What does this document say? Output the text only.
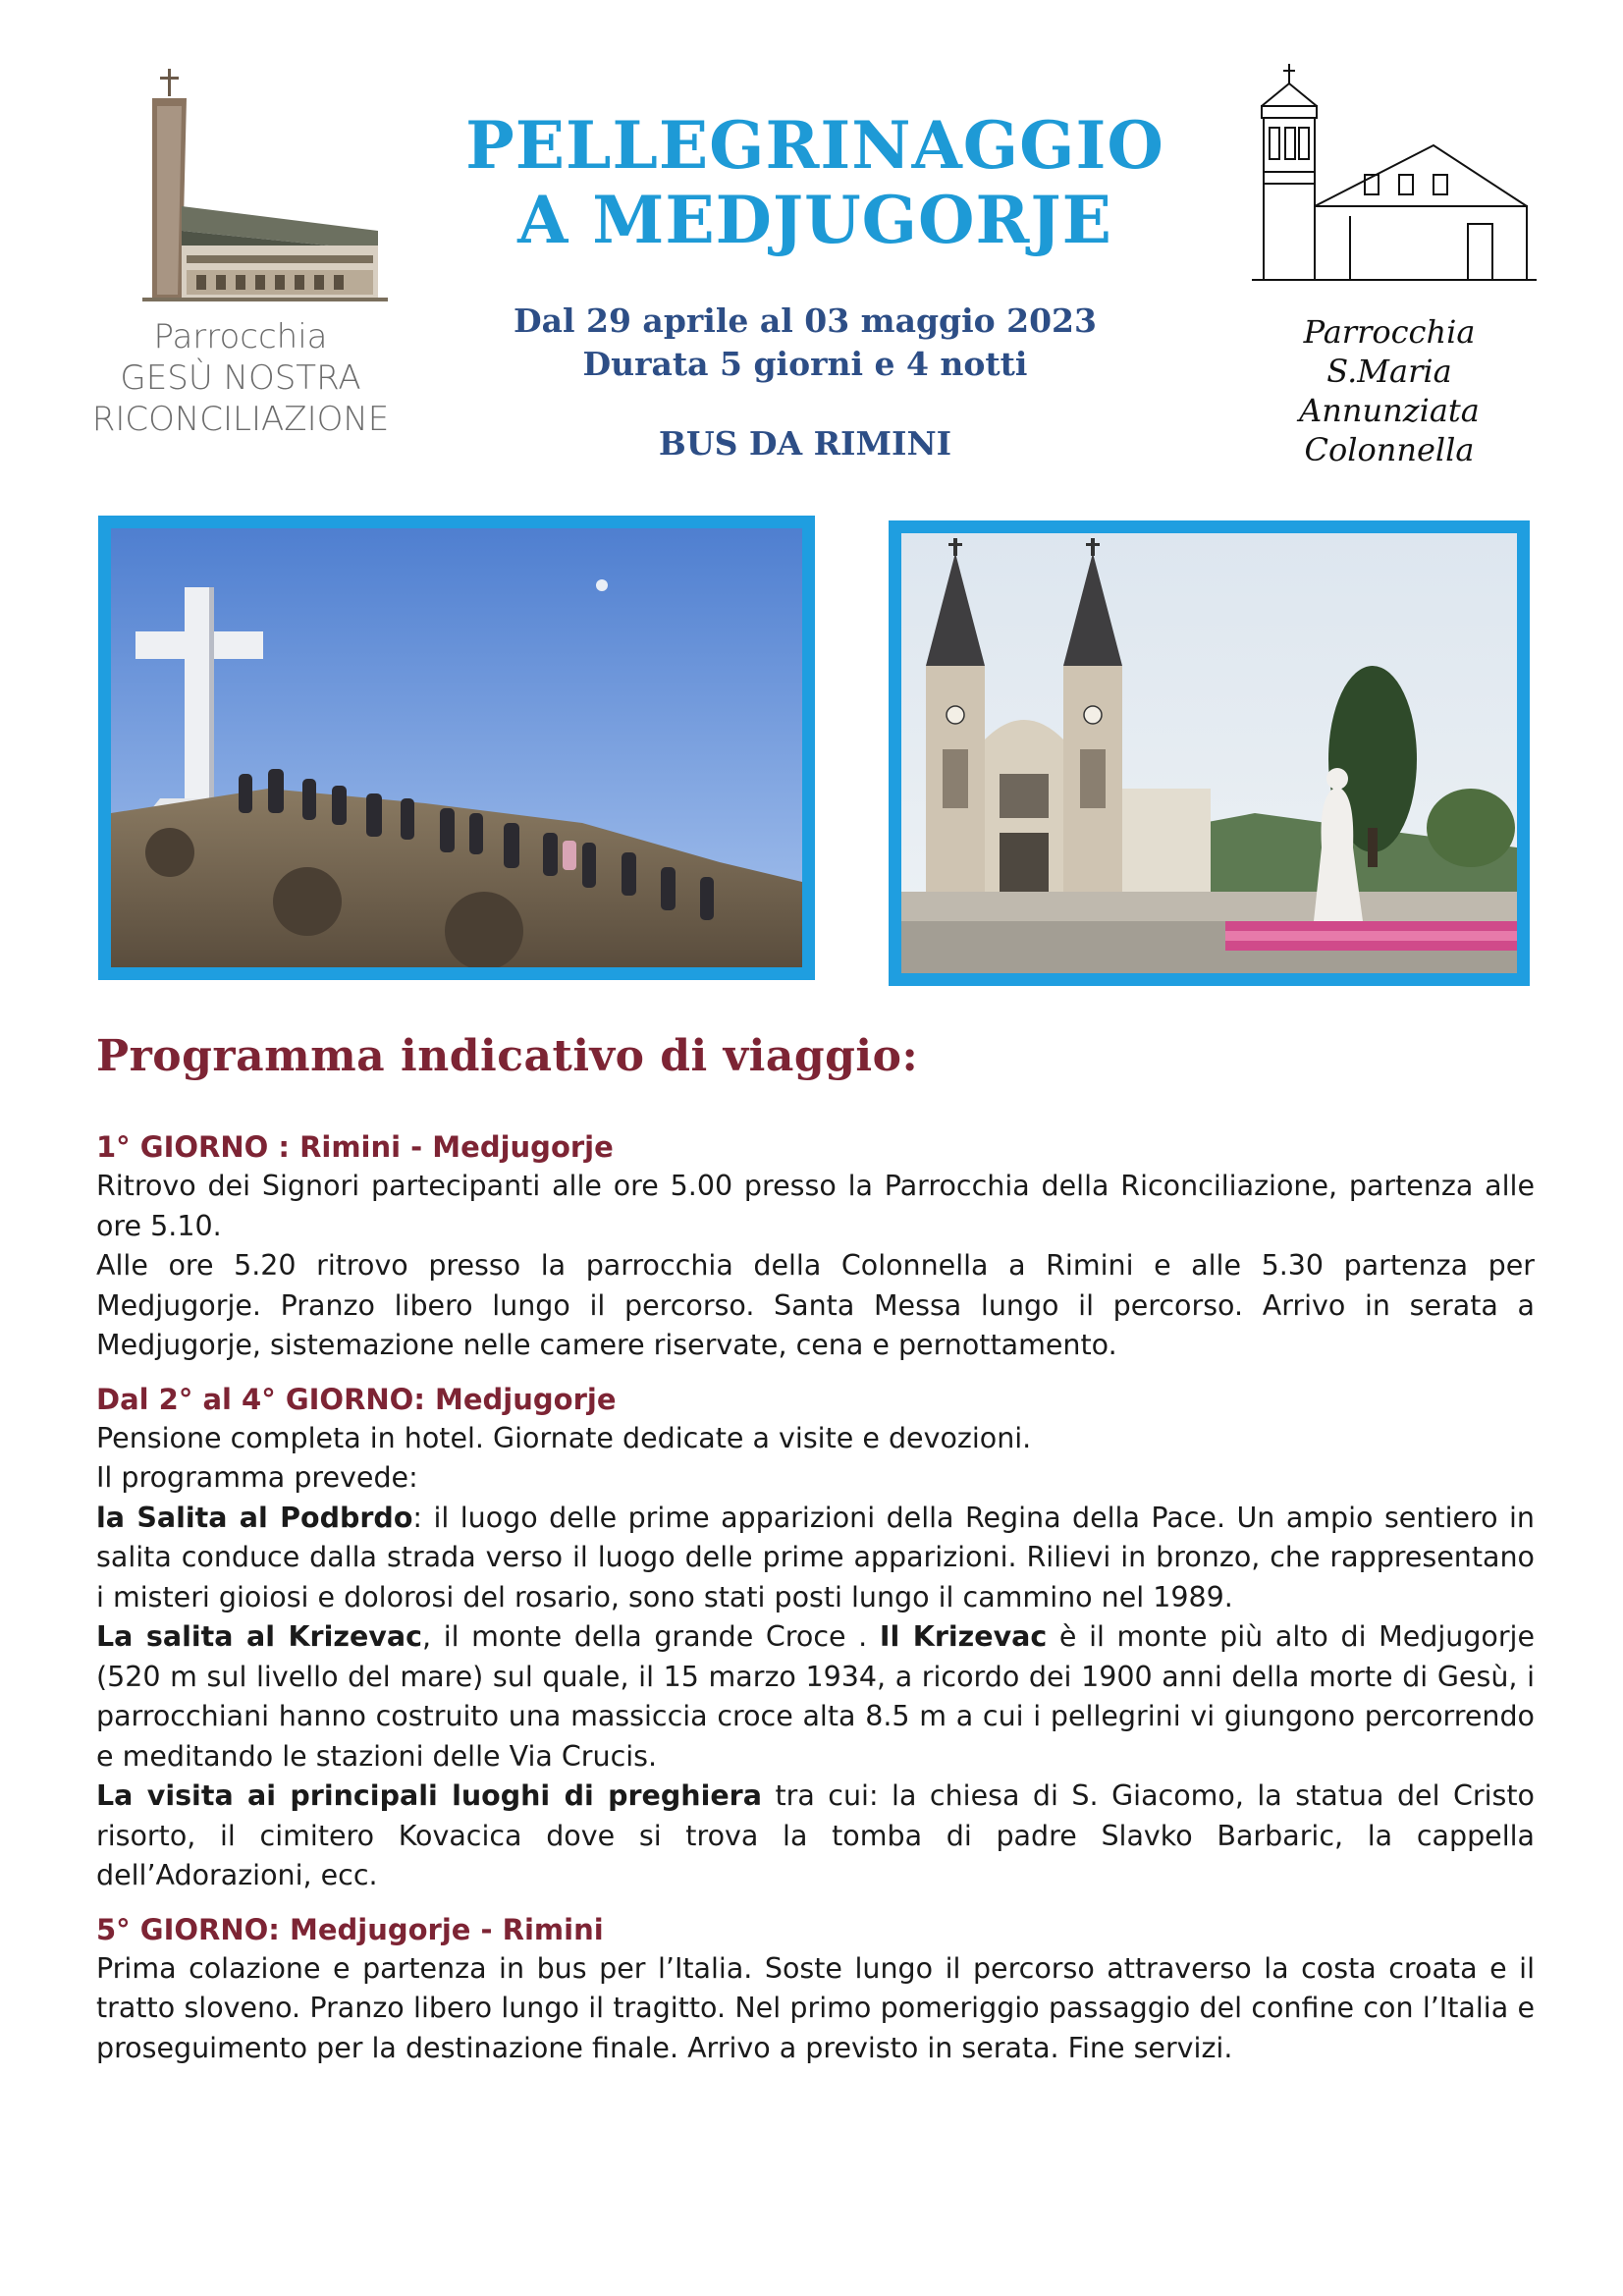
Parrocchia
GESÙ NOSTRA
RICONCILIAZIONE
PELLEGRINAGGIO
A MEDJUGORJE
Dal 29 aprile al 03 maggio 2023
Durata 5 giorni e 4 notti
BUS DA RIMINI
Parrocchia
S.Maria
Annunziata
Colonnella
Programma indicativo di viaggio:
1° GIORNO : Rimini - Medjugorje

Ritrovo dei Signori partecipanti alle ore 5.00 presso la Parrocchia della Riconciliazione, partenza alle ore 5.10.

Alle ore 5.20 ritrovo presso la parrocchia della Colonnella a Rimini e alle 5.30 partenza per Medjugorje. Pranzo libero lungo il percorso. Santa Messa lungo il percorso. Arrivo in serata a Medjugorje, sistemazione nelle camere riservate, cena e pernottamento.

Dal 2° al 4° GIORNO: Medjugorje

Pensione completa in hotel. Giornate dedicate a visite e devozioni.

Il programma prevede:

la Salita al Podbrdo: il luogo delle prime apparizioni della Regina della Pace. Un ampio sentiero in salita conduce dalla strada verso il luogo delle prime apparizioni. Rilievi in bronzo, che rappresentano i misteri gioiosi e dolorosi del rosario, sono stati posti lungo il cammino nel 1989.

La salita al Krizevac, il monte della grande Croce . Il Krizevac è il monte più alto di Medjugorje (520 m sul livello del mare) sul quale, il 15 marzo 1934, a ricordo dei 1900 anni della morte di Gesù, i parrocchiani hanno costruito una massiccia croce alta 8.5 m a cui i pellegrini vi giungono percorrendo e meditando le stazioni delle Via Crucis.

La visita ai principali luoghi di preghiera tra cui: la chiesa di S. Giacomo, la statua del Cristo risorto, il cimitero Kovacica dove si trova la tomba di padre Slavko Barbaric, la cappella dell’Adorazioni, ecc.

5° GIORNO: Medjugorje - Rimini

Prima colazione e partenza in bus per l’Italia. Soste lungo il percorso attraverso la costa croata e il tratto sloveno. Pranzo libero lungo il tragitto. Nel primo pomeriggio passaggio del confine con l’Italia e proseguimento per la destinazione finale. Arrivo a previsto in serata. Fine servizi.
